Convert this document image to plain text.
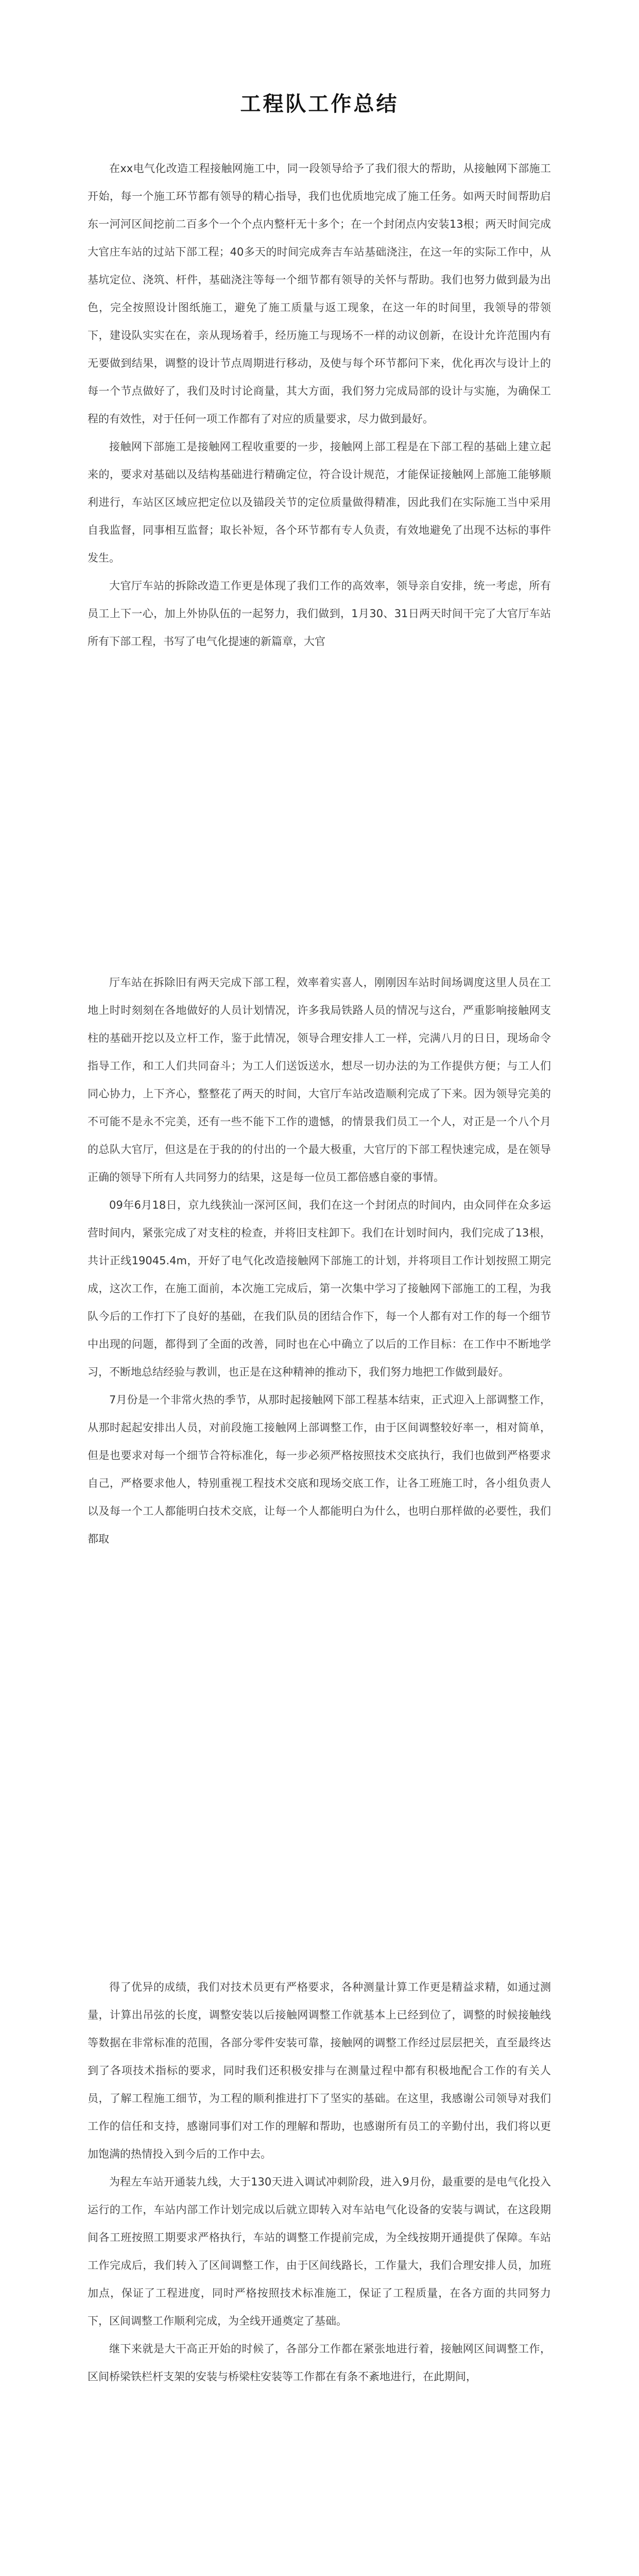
工程队工作总结

在xx电气化改造工程接触网施工中，同一段领导给予了我们很大的帮助，从接触网下部施工开始，每一个施工环节都有领导的精心指导，我们也优质地完成了施工任务。如两天时间帮助启东一河河区间挖前二百多个一个个点内整杆无十多个；在一个封闭点内安装13根；两天时间完成大官庄车站的过站下部工程；40多天的时间完成奔吉车站基础浇注，在这一年的实际工作中，从基坑定位、浇筑、杆件，基础浇注等每一个细节都有领导的关怀与帮助。我们也努力做到最为出色，完全按照设计图纸施工，避免了施工质量与返工现象，在这一年的时间里，我领导的带领下，建设队实实在在，亲从现场着手，经历施工与现场不一样的动议创新，在设计允许范围内有无要做到结果，调整的设计节点周期进行移动，及使与每个环节都问下来，优化再次与设计上的每一个节点做好了，我们及时讨论商量，其大方面，我们努力完成局部的设计与实施，为确保工程的有效性，对于任何一项工作都有了对应的质量要求，尽力做到最好。

接触网下部施工是接触网工程收重要的一步，接触网上部工程是在下部工程的基础上建立起来的，要求对基础以及结构基础进行精确定位，符合设计规范，才能保证接触网上部施工能够顺利进行，车站区区域应把定位以及锚段关节的定位质量做得精准，因此我们在实际施工当中采用自我监督，同事相互监督；取长补短，各个环节都有专人负责，有效地避免了出现不达标的事件发生。

大官厅车站的拆除改造工作更是体现了我们工作的高效率，领导亲自安排，统一考虑，所有员工上下一心，加上外协队伍的一起努力，我们做到，1月30、31日两天时间干完了大官厅车站所有下部工程，书写了电气化提速的新篇章，大官

厅车站在拆除旧有两天完成下部工程，效率着实喜人，刚刚因车站时间场调度这里人员在工地上时时刻刻在各地做好的人员计划情况，许多我局铁路人员的情况与这台，严重影响接触网支柱的基础开挖以及立杆工作，鉴于此情况，领导合理安排人工一样，完满八月的日日，现场命令指导工作，和工人们共同奋斗；为工人们送饭送水，想尽一切办法的为工作提供方便；与工人们同心协力，上下齐心，整整花了两天的时间，大官厅车站改造顺利完成了下来。因为领导完美的不可能不是永不完美，还有一些不能下工作的遗憾，的情景我们员工一个人，对正是一个八个月的总队大官厅，但这是在于我的的付出的一个最大极重，大官厅的下部工程快速完成，是在领导正确的领导下所有人共同努力的结果，这是每一位员工都倍感自豪的事情。

09年6月18日，京九线狭汕一深河区间，我们在这一个封闭点的时间内，由众同伴在众多运营时间内，紧张完成了对支柱的检查，并将旧支柱卸下。我们在计划时间内，我们完成了13根，共计正线19045.4m，开好了电气化改造接触网下部施工的计划，并将项目工作计划按照工期完成，这次工作，在施工面前，本次施工完成后，第一次集中学习了接触网下部施工的工程，为我队今后的工作打下了良好的基础，在我们队员的团结合作下，每一个人都有对工作的每一个细节中出现的问题，都得到了全面的改善，同时也在心中确立了以后的工作目标：在工作中不断地学习，不断地总结经验与教训，也正是在这种精神的推动下，我们努力地把工作做到最好。

7月份是一个非常火热的季节，从那时起接触网下部工程基本结束，正式迎入上部调整工作，从那时起起安排出人员，对前段施工接触网上部调整工作，由于区间调整较好率一，相对简单，但是也要求对每一个细节合符标准化，每一步必须严格按照技术交底执行，我们也做到严格要求自己，严格要求他人，特别重视工程技术交底和现场交底工作，让各工班施工时，各小组负责人以及每一个工人都能明白技术交底，让每一个人都能明白为什么，也明白那样做的必要性，我们都取

得了优异的成绩，我们对技术员更有严格要求，各种测量计算工作更是精益求精，如通过测量，计算出吊弦的长度，调整安装以后接触网调整工作就基本上已经到位了，调整的时候接触线等数据在非常标准的范围，各部分零件安装可靠，接触网的调整工作经过层层把关，直至最终达到了各项技术指标的要求，同时我们还积极安排与在测量过程中都有积极地配合工作的有关人员，了解工程施工细节，为工程的顺利推进打下了坚实的基础。在这里，我感谢公司领导对我们工作的信任和支持，感谢同事们对工作的理解和帮助，也感谢所有员工的辛勤付出，我们将以更加饱满的热情投入到今后的工作中去。

为程左车站开通装九线，大于130天进入调试冲刺阶段，进入9月份，最重要的是电气化投入运行的工作，车站内部工作计划完成以后就立即转入对车站电气化设备的安装与调试，在这段期间各工班按照工期要求严格执行，车站的调整工作提前完成，为全线按期开通提供了保障。车站工作完成后，我们转入了区间调整工作，由于区间线路长，工作量大，我们合理安排人员，加班加点，保证了工程进度，同时严格按照技术标准施工，保证了工程质量，在各方面的共同努力下，区间调整工作顺利完成，为全线开通奠定了基础。

继下来就是大干高正开始的时候了，各部分工作都在紧张地进行着，接触网区间调整工作，区间桥梁铁栏杆支架的安装与桥梁柱安装等工作都在有条不紊地进行，在此期间，
